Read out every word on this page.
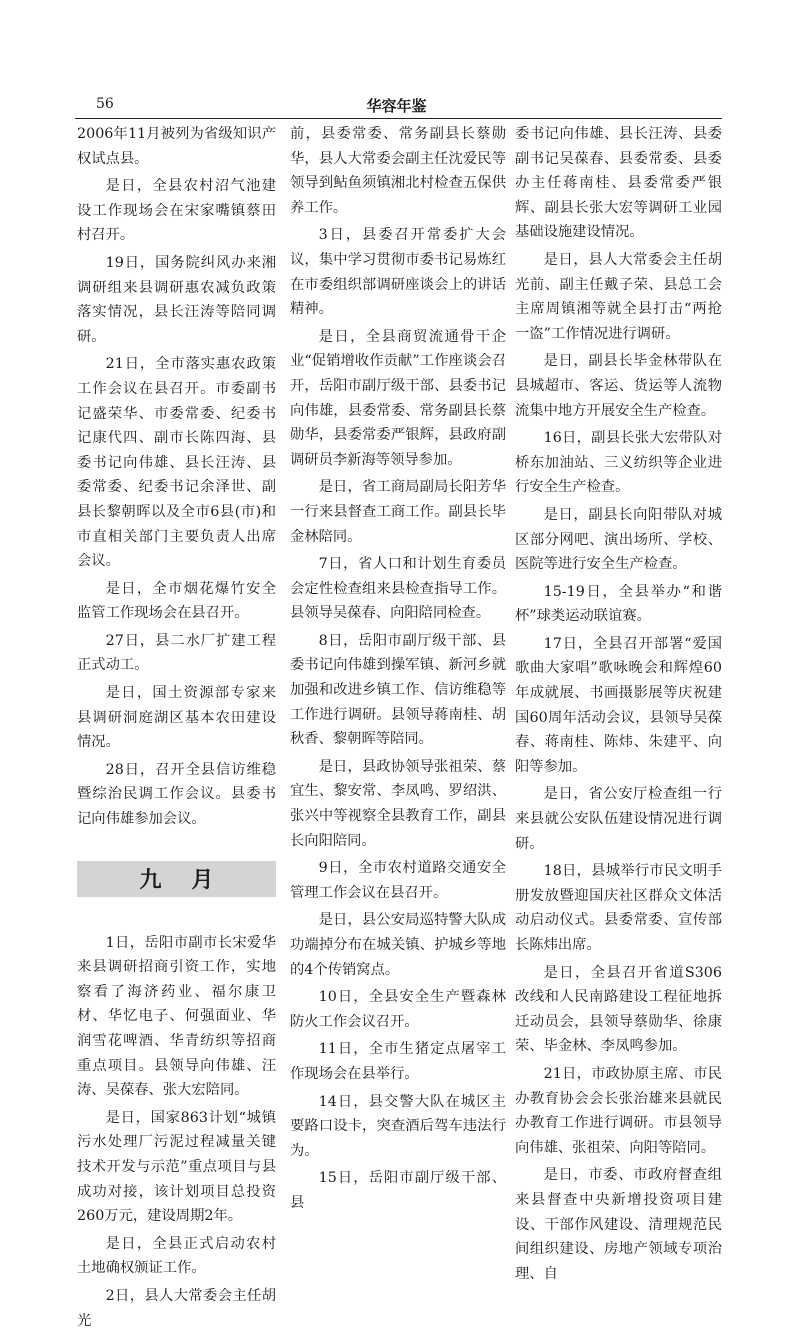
56	华容年鉴

2006年11月被列为省级知识产权试点县。

是日，全县农村沼气池建设工作现场会在宋家嘴镇蔡田村召开。

19日，国务院纠风办来湘调研组来县调研惠农减负政策落实情况，县长汪涛等陪同调研。

21日，全市落实惠农政策工作会议在县召开。市委副书记盛荣华、市委常委、纪委书记康代四、副市长陈四海、县委书记向伟雄、县长汪涛、县委常委、纪委书记余泽世、副县长黎朝晖以及全市6县(市)和市直相关部门主要负责人出席会议。

是日，全市烟花爆竹安全监管工作现场会在县召开。

27日，县二水厂扩建工程正式动工。

是日，国土资源部专家来县调研洞庭湖区基本农田建设情况。

28日，召开全县信访维稳暨综治民调工作会议。县委书记向伟雄参加会议。

九月

1日，岳阳市副市长宋爱华来县调研招商引资工作，实地察看了海济药业、福尔康卫材、华忆电子、何强面业、华润雪花啤酒、华青纺织等招商重点项目。县领导向伟雄、汪涛、吴葆春、张大宏陪同。

是日，国家863计划“城镇污水处理厂污泥过程减量关键技术开发与示范”重点项目与县成功对接，该计划项目总投资260万元，建设周期2年。

是日，全县正式启动农村土地确权颁证工作。

2日，县人大常委会主任胡光

前，县委常委、常务副县长蔡勋华，县人大常委会副主任沈爱民等领导到鲇鱼须镇湘北村检查五保供养工作。

3日，县委召开常委扩大会议，集中学习贯彻市委书记易炼红在市委组织部调研座谈会上的讲话精神。

是日，全县商贸流通骨干企业“促销增收作贡献”工作座谈会召开，岳阳市副厅级干部、县委书记向伟雄，县委常委、常务副县长蔡勋华，县委常委严银辉，县政府副调研员李新海等领导参加。

是日，省工商局副局长阳芳华一行来县督查工商工作。副县长毕金林陪同。

7日，省人口和计划生育委员会定性检查组来县检查指导工作。县领导吴葆春、向阳陪同检查。

8日，岳阳市副厅级干部、县委书记向伟雄到操军镇、新河乡就加强和改进乡镇工作、信访维稳等工作进行调研。县领导蒋南桂、胡秋香、黎朝晖等陪同。

是日，县政协领导张祖荣、蔡宜生、黎安常、李凤鸣、罗绍洪、张兴中等视察全县教育工作，副县长向阳陪同。

9日，全市农村道路交通安全管理工作会议在县召开。

是日，县公安局巡特警大队成功端掉分布在城关镇、护城乡等地的4个传销窝点。

10日，全县安全生产暨森林防火工作会议召开。

11日，全市生猪定点屠宰工作现场会在县举行。

14日，县交警大队在城区主要路口设卡，突查酒后驾车违法行为。

15日，岳阳市副厅级干部、县

委书记向伟雄、县长汪涛、县委副书记吴葆春、县委常委、县委办主任蒋南桂、县委常委严银辉、副县长张大宏等调研工业园基础设施建设情况。

是日，县人大常委会主任胡光前、副主任戴子荣、县总工会主席周镇湘等就全县打击“两抢一盗”工作情况进行调研。

是日，副县长毕金林带队在县城超市、客运、货运等人流物流集中地方开展安全生产检查。

16日，副县长张大宏带队对桥东加油站、三义纺织等企业进行安全生产检查。

是日，副县长向阳带队对城区部分网吧、演出场所、学校、医院等进行安全生产检查。

15-19日，全县举办“和谐杯”球类运动联谊赛。

17日，全县召开部署“爱国歌曲大家唱”歌咏晚会和辉煌60年成就展、书画摄影展等庆祝建国60周年活动会议，县领导吴葆春、蒋南桂、陈炜、朱建平、向阳等参加。

是日，省公安厅检查组一行来县就公安队伍建设情况进行调研。

18日，县城举行市民文明手册发放暨迎国庆社区群众文体活动启动仪式。县委常委、宣传部长陈炜出席。

是日，全县召开省道S306改线和人民南路建设工程征地拆迁动员会，县领导蔡勋华、徐康荣、毕金林、李凤鸣参加。

21日，市政协原主席、市民办教育协会会长张治雄来县就民办教育工作进行调研。市县领导向伟雄、张祖荣、向阳等陪同。

是日，市委、市政府督查组来县督查中央新增投资项目建设、干部作风建设、清理规范民间组织建设、房地产领域专项治理、自
